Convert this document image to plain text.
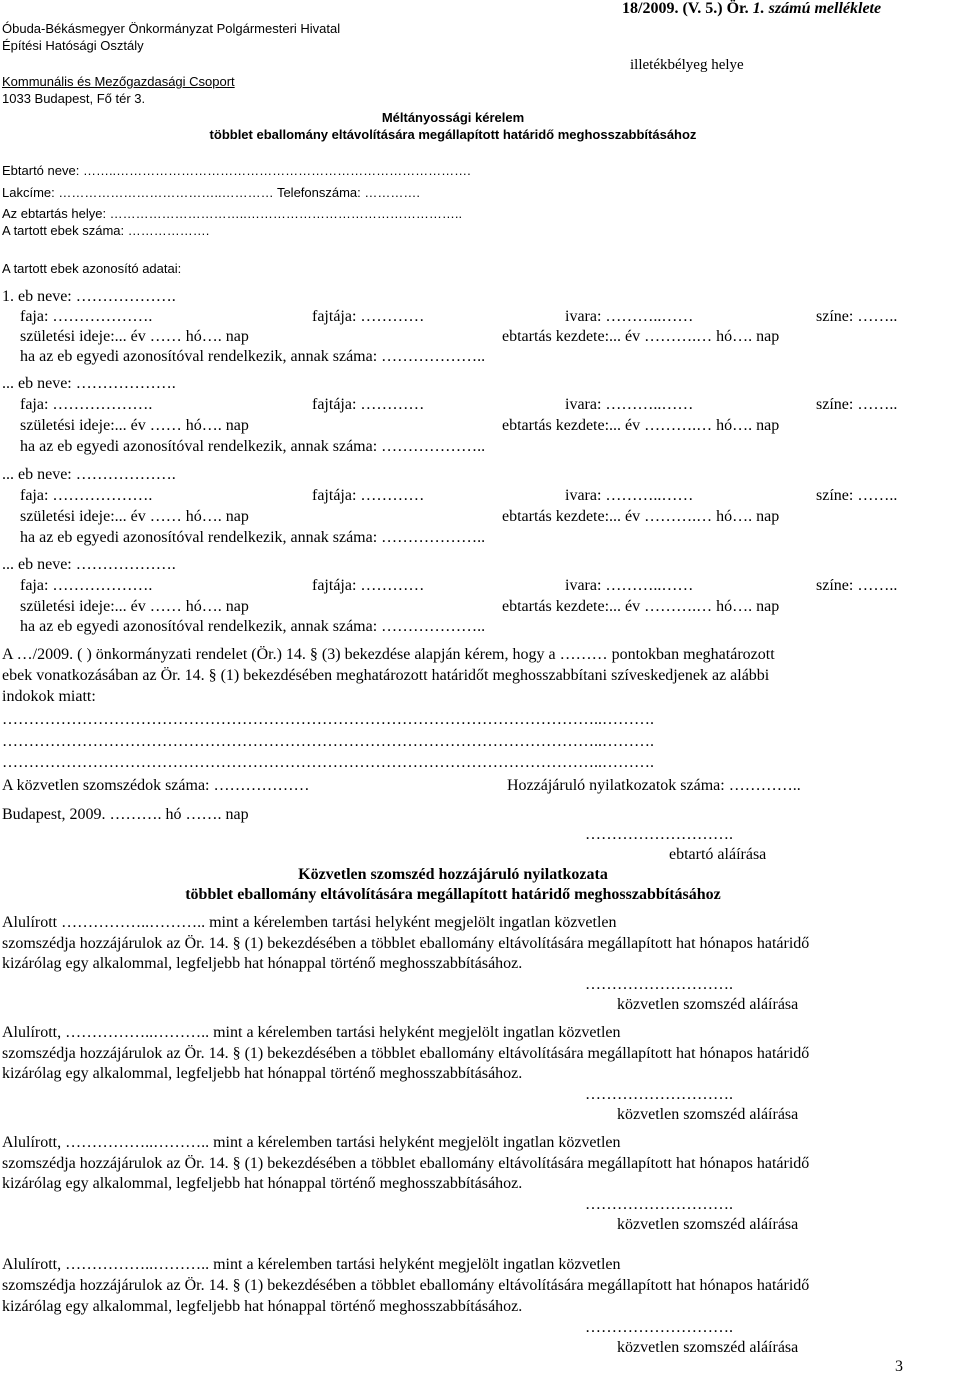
Óbuda-Békásmegyer Önkormányzat Polgármesteri Hivatal
Építési Hatósági Osztály
Kommunális és Mezőgazdasági Csoport
1033 Budapest, Fő tér 3.
18/2009. (V. 5.) Ör. 1. számú melléklete
illetékbélyeg helye
Méltányossági kérelem
többlet eballomány eltávolítására megállapított határidő meghosszabbításához
Ebtartó neve: ……..……………………………………………………………………….
Lakcíme: ………………………………..………… Telefonszáma: ………….
Az ebtartás helye: …………………………..…………………………………………..
A tartott ebek száma: ……………….
A tartott ebek azonosító adatai:
1. eb neve: ……………….
faja: ……………….	fajtája: …………	ivara: ………..……	színe: ……..
születési ideje:... év …… hó…. nap	ebtartás kezdete:... év ……….… hó…. nap
ha az eb egyedi azonosítóval rendelkezik, annak száma: ………………..
... eb neve: ……………….
faja: ……………….	fajtája: …………	ivara: ………..……	színe: ……..
születési ideje:... év …… hó…. nap	ebtartás kezdete:... év ……….… hó…. nap
ha az eb egyedi azonosítóval rendelkezik, annak száma: ………………..
... eb neve: ……………….
faja: ……………….	fajtája: …………	ivara: ………..……	színe: ……..
születési ideje:... év …… hó…. nap	ebtartás kezdete:... év ……….… hó…. nap
ha az eb egyedi azonosítóval rendelkezik, annak száma: ………………..
... eb neve: ……………….
faja: ……………….	fajtája: …………	ivara: ………..……	színe: ……..
születési ideje:... év …… hó…. nap	ebtartás kezdete:... év ……….… hó…. nap
ha az eb egyedi azonosítóval rendelkezik, annak száma: ………………..
A …/2009. ( ) önkormányzati rendelet (Ör.) 14. § (3) bekezdése alapján kérem, hogy a ……… pontokban meghatározott
ebek vonatkozásában az Ör. 14. § (1) bekezdésében meghatározott határidőt meghosszabbítani szíveskedjenek az alábbi
indokok miatt:
…………………………………………………………………………………………………..……….
…………………………………………………………………………………………………..……….
…………………………………………………………………………………………………..……….
A közvetlen szomszédok száma: ………………	Hozzájáruló nyilatkozatok száma: …………..
Budapest, 2009. ………. hó ……. nap
……………………….
ebtartó aláírása
Közvetlen szomszéd hozzájáruló nyilatkozata
többlet eballomány eltávolítására megállapított határidő meghosszabbításához
Alulírott ……………..……….. mint a kérelemben tartási helyként megjelölt ingatlan közvetlen
szomszédja hozzájárulok az Ör. 14. § (1) bekezdésében a többlet eballomány eltávolítására megállapított hat hónapos határidő
kizárólag egy alkalommal, legfeljebb hat hónappal történő meghosszabbításához.
……………………….
közvetlen szomszéd aláírása
Alulírott, ……………..……….. mint a kérelemben tartási helyként megjelölt ingatlan közvetlen
szomszédja hozzájárulok az Ör. 14. § (1) bekezdésében a többlet eballomány eltávolítására megállapított hat hónapos határidő
kizárólag egy alkalommal, legfeljebb hat hónappal történő meghosszabbításához.
……………………….
közvetlen szomszéd aláírása
Alulírott, ……………..……….. mint a kérelemben tartási helyként megjelölt ingatlan közvetlen
szomszédja hozzájárulok az Ör. 14. § (1) bekezdésében a többlet eballomány eltávolítására megállapított hat hónapos határidő
kizárólag egy alkalommal, legfeljebb hat hónappal történő meghosszabbításához.
……………………….
közvetlen szomszéd aláírása
Alulírott, ……………..……….. mint a kérelemben tartási helyként megjelölt ingatlan közvetlen
szomszédja hozzájárulok az Ör. 14. § (1) bekezdésében a többlet eballomány eltávolítására megállapított hat hónapos határidő
kizárólag egy alkalommal, legfeljebb hat hónappal történő meghosszabbításához.
……………………….
közvetlen szomszéd aláírása
3
